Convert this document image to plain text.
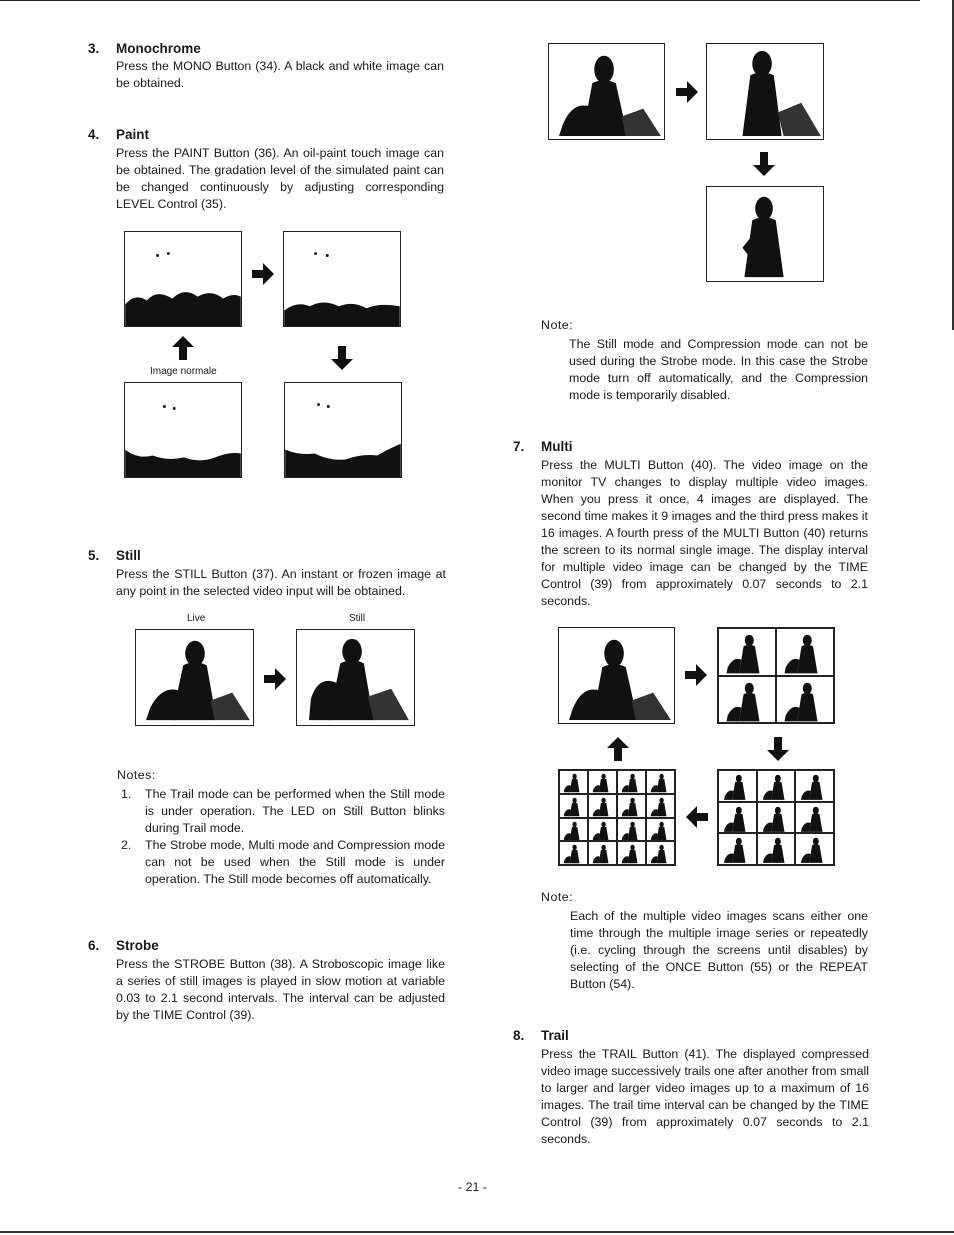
3. Monochrome
Press the MONO Button (34). A black and white image can be obtained.
4. Paint
Press the PAINT Button (36). An oil-paint touch image can be obtained. The gradation level of the simulated paint can be changed continuously by adjusting corresponding LEVEL Control (35).
Image normale
5. Still
Press the STILL Button (37). An instant or frozen image at any point in the selected video input will be obtained.
Live	Still
Notes:
1. The Trail mode can be performed when the Still mode is under operation. The LED on Still Button blinks during Trail mode.
2. The Strobe mode, Multi mode and Compression mode can not be used when the Still mode is under operation. The Still mode becomes off automatically.
6. Strobe
Press the STROBE Button (38). A Stroboscopic image like a series of still images is played in slow motion at variable 0.03 to 2.1 second intervals. The interval can be adjusted by the TIME Control (39).
Note:
The Still mode and Compression mode can not be used during the Strobe mode. In this case the Strobe mode turn off automatically, and the Compression mode is temporarily disabled.
7. Multi
Press the MULTI Button (40). The video image on the monitor TV changes to display multiple video images. When you press it once, 4 images are displayed. The second time makes it 9 images and the third press makes it 16 images. A fourth press of the MULTI Button (40) returns the screen to its normal single image. The display interval for multiple video image can be changed by the TIME Control (39) from approximately 0.07 seconds to 2.1 seconds.
Note:
Each of the multiple video images scans either one time through the multiple image series or repeatedly (i.e. cycling through the screens until disables) by selecting of the ONCE Button (55) or the REPEAT Button (54).
8. Trail
Press the TRAIL Button (41). The displayed compressed video image successively trails one after another from small to larger and larger video images up to a maximum of 16 images. The trail time interval can be changed by the TIME Control (39) from approximately 0.07 seconds to 2.1 seconds.
- 21 -
